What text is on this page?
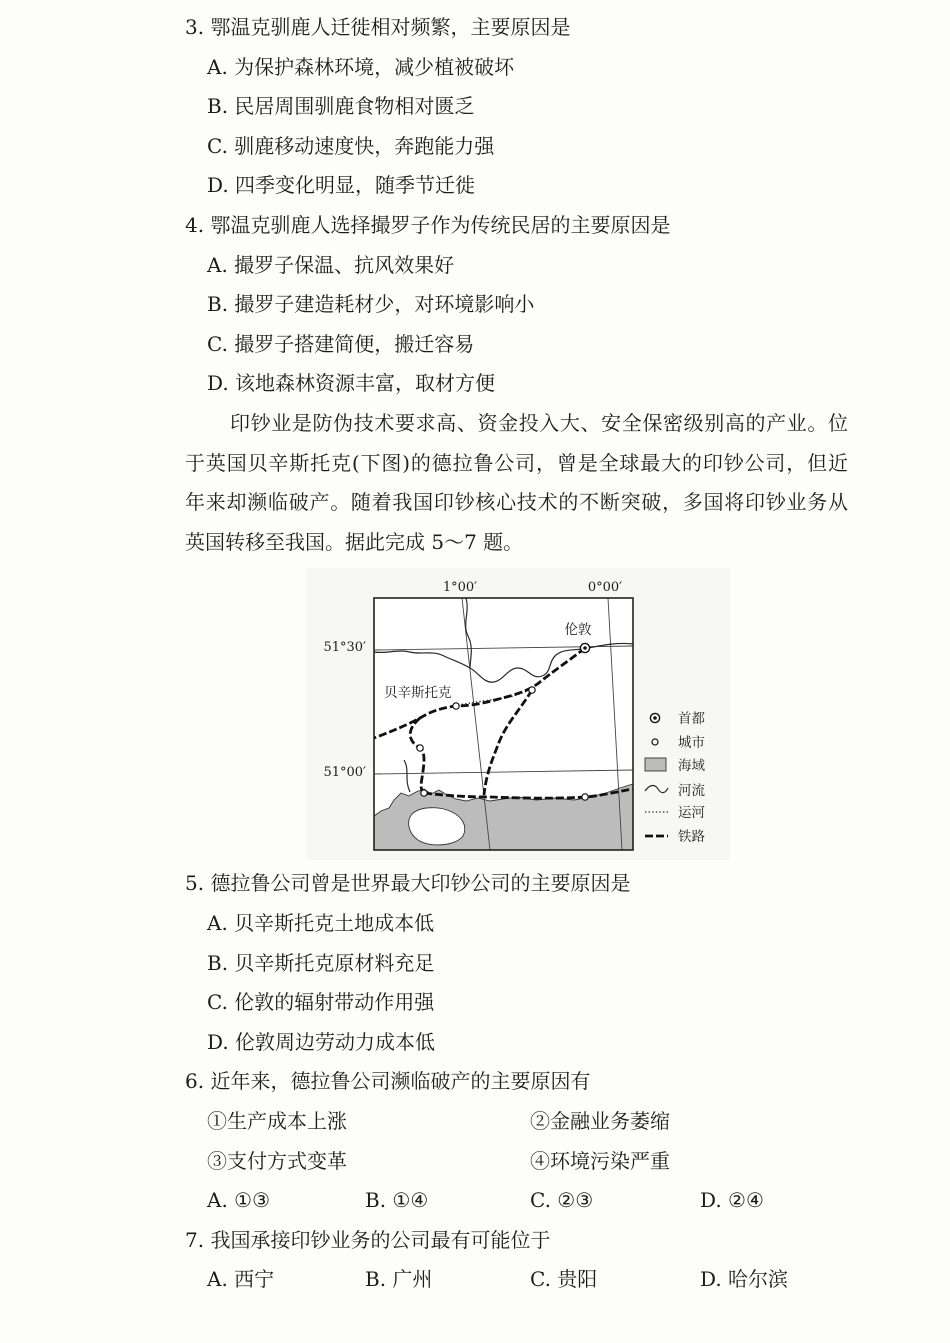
3. 鄂温克驯鹿人迁徙相对频繁，主要原因是
A. 为保护森林环境，减少植被破坏
B. 民居周围驯鹿食物相对匮乏
C. 驯鹿移动速度快，奔跑能力强
D. 四季变化明显，随季节迁徙
4. 鄂温克驯鹿人选择撮罗子作为传统民居的主要原因是
A. 撮罗子保温、抗风效果好
B. 撮罗子建造耗材少，对环境影响小
C. 撮罗子搭建简便，搬迁容易
D. 该地森林资源丰富，取材方便
印钞业是防伪技术要求高、资金投入大、安全保密级别高的产业。位
于英国贝辛斯托克(下图)的德拉鲁公司，曾是全球最大的印钞公司，但近
年来却濒临破产。随着我国印钞核心技术的不断突破，多国将印钞业务从
英国转移至我国。据此完成 5～7 题。
1°00′	0°00′
51°30′
51°00′
伦敦
贝辛斯托克
首都
城市
海域
河流
运河
铁路
5. 德拉鲁公司曾是世界最大印钞公司的主要原因是
A. 贝辛斯托克土地成本低
B. 贝辛斯托克原材料充足
C. 伦敦的辐射带动作用强
D. 伦敦周边劳动力成本低
6. 近年来，德拉鲁公司濒临破产的主要原因有
①生产成本上涨	②金融业务萎缩
③支付方式变革	④环境污染严重
A. ①③	B. ①④	C. ②③	D. ②④
7. 我国承接印钞业务的公司最有可能位于
A. 西宁	B. 广州	C. 贵阳	D. 哈尔滨
